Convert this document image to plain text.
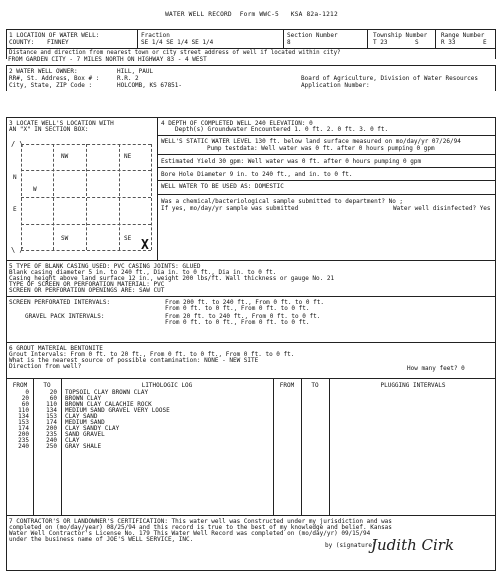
WATER WELL RECORD Form WWC-5 KSA 82a-1212
1 LOCATION OF WATER WELL:
COUNTY: FINNEY
Fraction
SE 1/4 SE 1/4 SE 1/4
Section Number
8
Township Number
T 23	S
Range Number
R 33	E
Distance and direction from nearest town or city street address of well if located within city?
FROM GARDEN CITY - 7 MILES NORTH ON HIGHWAY 83 - 4 WEST
2 WATER WELL OWNER:	HILL, PAUL
RR#, St. Address, Box # :	R.R. 2
City, State, ZIP Code :	HOLCOMB, KS 67851-
Board of Agriculture, Division of Water Resources
Application Number:
3 LOCATE WELL'S LOCATION WITH
AN "X" IN SECTION BOX:
/ \
\ /
NW	NE
SW	SE
N
W
E
X
4 DEPTH OF COMPLETED WELL 240 ELEVATION: 0
Depth(s) Groundwater Encountered 1. 0 ft. 2. 0 ft. 3. 0 ft.
WELL'S STATIC WATER LEVEL 130 ft. below land surface measured on mo/day/yr 07/26/94
Pump testdata: Well water was 0 ft. after 0 hours pumping 0 gpm
Estimated Yield 30 gpm: Well water was 0 ft. after 0 hours pumping 0 gpm
Bore Hole Diameter 9 in. to 240 ft., and in. to 0 ft.
WELL WATER TO BE USED AS: DOMESTIC
Was a chemical/bacteriological sample submitted to department? No ;
If yes, mo/day/yr sample was submitted	Water well disinfected? Yes
5 TYPE OF BLANK CASING USED: PVC CASING JOINTS: GLUED
Blank casing diameter 5 in. to 240 ft., Dia in. to 0 ft., Dia in. to 0 ft.
Casing height above land surface 12 in., weight 200 lbs/ft. Wall thickness or gauge No. 21
TYPE OF SCREEN OR PERFORATION MATERIAL: PVC
SCREEN OR PERFORATION OPENINGS ARE: SAW CUT
SCREEN PERFORATED INTERVALS:	From 200 ft. to 240 ft., From 0 ft. to 0 ft.
From 0 ft. to 0 ft., From 0 ft. to 0 ft.
GRAVEL PACK INTERVALS:	From 20 ft. to 240 ft., From 0 ft. to 0 ft.
From 0 ft. to 0 ft., From 0 ft. to 0 ft.
6 GROUT MATERIAL BENTONITE
Grout Intervals: From 0 ft. to 20 ft., From 0 ft. to 0 ft., From 0 ft. to 0 ft.
What is the nearest source of possible contamination: NONE - NEW SITE
Direction from well?	How many feet? 0
FROM	TO	LITHOLOGIC LOG	FROM	TO	PLUGGING INTERVALS
0	20 TOPSOIL CLAY BROWN CLAY
20	60 BROWN CLAY
60	110 BROWN CLAY CALACHIE ROCK
110	134 MEDIUM SAND GRAVEL VERY LOOSE
134	153 CLAY SAND
153	174 MEDIUM SAND
174	200 CLAY SANDY CLAY
200	235 SAND GRAVEL
235	240 CLAY
240	250 GRAY SHALE
7 CONTRACTOR'S OR LANDOWNER'S CERTIFICATION: This water well was Constructed under my jurisdiction and was
completed on (mo/day/year) 08/25/94 and this record is true to the best of my knowledge and belief. Kansas
Water Well Contractor's License No. 179 This Water Well Record was completed on (mo/day/yr) 09/15/94
under the business name of JOE'S WELL SERVICE, INC.
by (signature)
Judith Cirk
